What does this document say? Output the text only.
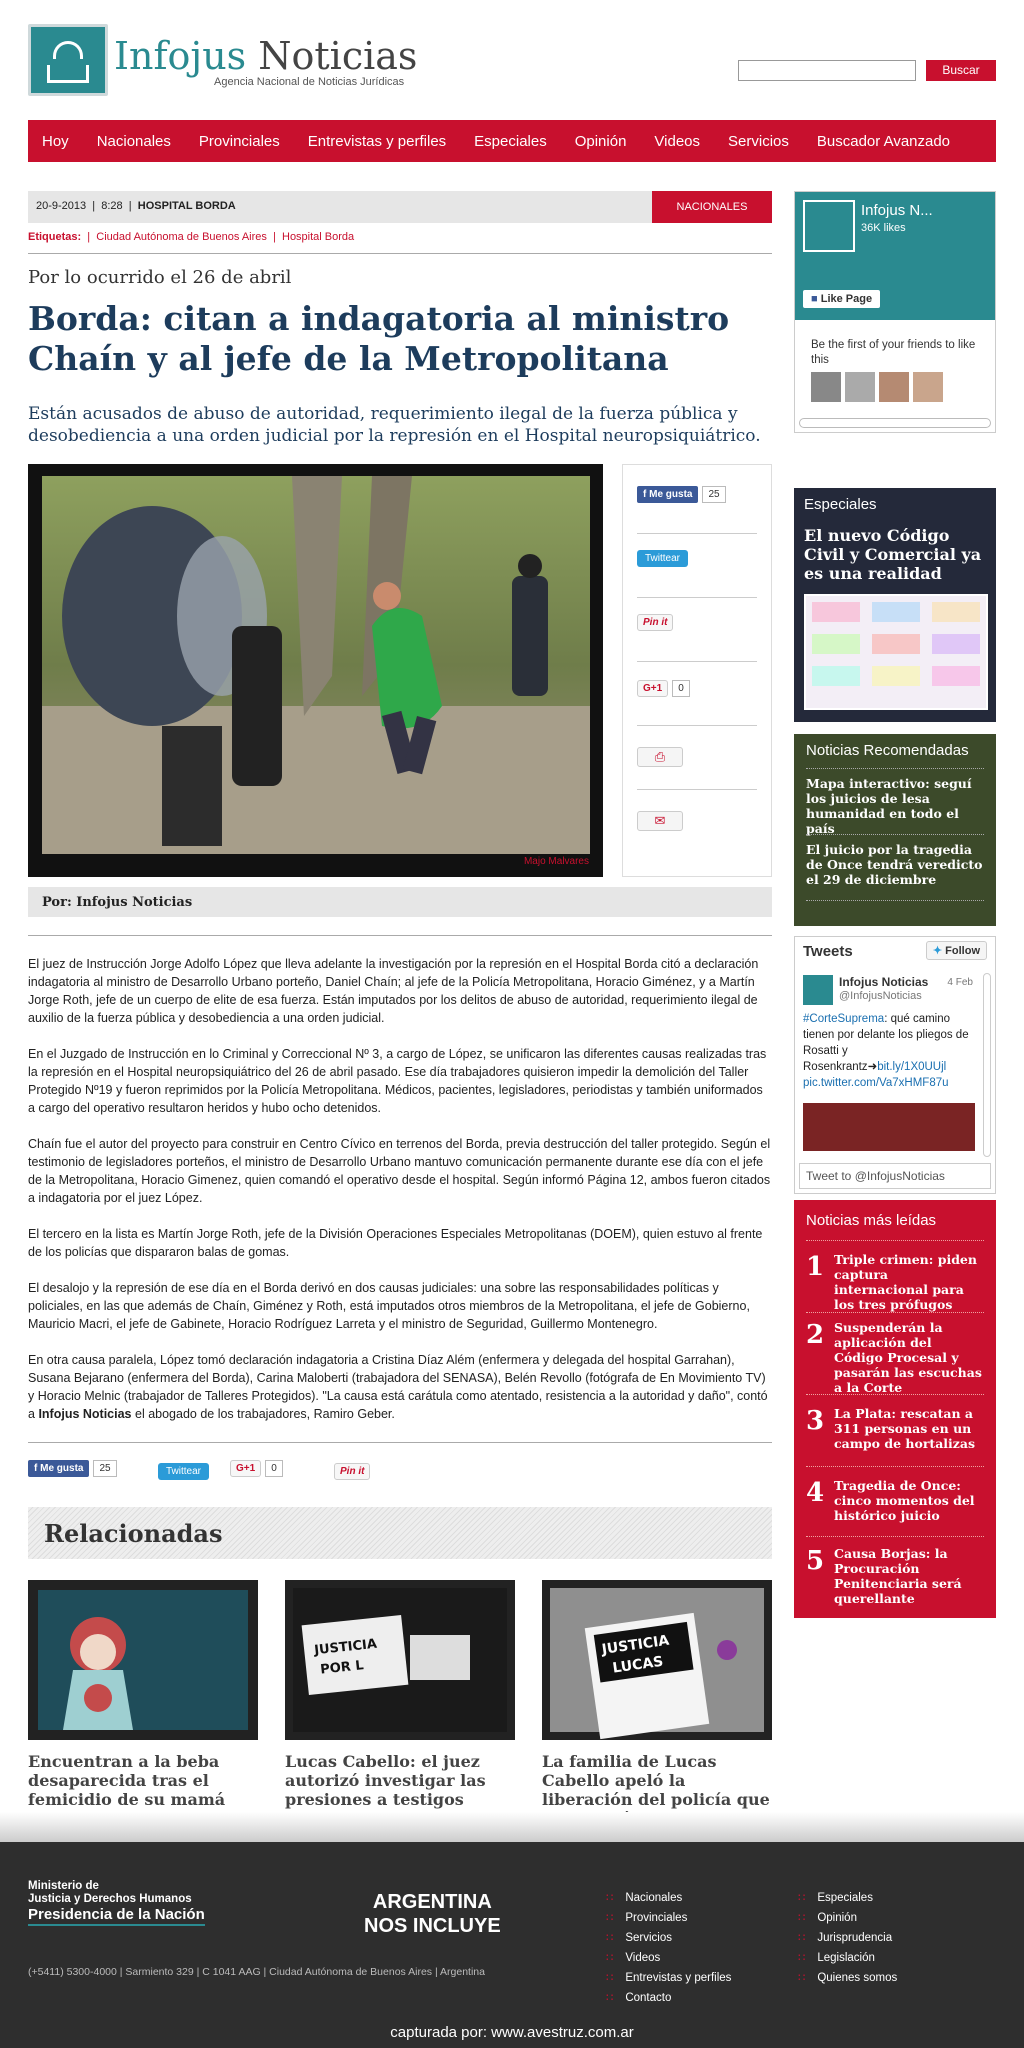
Infojus Noticias
Agencia Nacional de Noticias Jurídicas
Buscar
Hoy Nacionales Provinciales Entrevistas y perfiles Especiales Opinión Videos Servicios Buscador Avanzado
20-9-2013  |  8:28  |  HOSPITAL BORDA	NACIONALES
Etiquetas:  |  Ciudad Autónoma de Buenos Aires  |  Hospital Borda
Por lo ocurrido el 26 de abril
Borda: citan a indagatoria al ministro Chaín y al jefe de la Metropolitana
Están acusados de abuso de autoridad, requerimiento ilegal de la fuerza pública y desobediencia a una orden judicial por la represión en el Hospital neuropsiquiátrico.
Majo Malvares
f Me gusta 25
Twittear
Pin it
G+1 0
⎙
✉
Por: Infojus Noticias

El juez de Instrucción Jorge Adolfo López que lleva adelante la investigación por la represión en el Hospital Borda citó a declaración indagatoria al ministro de Desarrollo Urbano porteño, Daniel Chaín; al jefe de la Policía Metropolitana, Horacio Giménez, y a Martín Jorge Roth, jefe de un cuerpo de elite de esa fuerza. Están imputados por los delitos de abuso de autoridad, requerimiento ilegal de auxilio de la fuerza pública y desobediencia a una orden judicial.

En el Juzgado de Instrucción en lo Criminal y Correccional Nº 3, a cargo de López, se unificaron las diferentes causas realizadas tras la represión en el Hospital neuropsiquiátrico del 26 de abril pasado. Ese día trabajadores quisieron impedir la demolición del Taller Protegido Nº19 y fueron reprimidos por la Policía Metropolitana. Médicos, pacientes, legisladores, periodistas y también uniformados a cargo del operativo resultaron heridos y hubo ocho detenidos.

Chaín fue el autor del proyecto para construir en Centro Cívico en terrenos del Borda, previa destrucción del taller protegido. Según el testimonio de legisladores porteños, el ministro de Desarrollo Urbano mantuvo comunicación permanente durante ese día con el jefe de la Metropolitana, Horacio Gimenez, quien comandó el operativo desde el hospital. Según informó Página 12, ambos fueron citados a indagatoria por el juez López.

El tercero en la lista es Martín Jorge Roth, jefe de la División Operaciones Especiales Metropolitanas (DOEM), quien estuvo al frente de los policías que dispararon balas de gomas.

El desalojo y la represión de ese día en el Borda derivó en dos causas judiciales: una sobre las responsabilidades políticas y policiales, en las que además de Chaín, Giménez y Roth, está imputados otros miembros de la Metropolitana, el jefe de Gobierno, Mauricio Macri, el jefe de Gabinete, Horacio Rodríguez Larreta y el ministro de Seguridad, Guillermo Montenegro.

En otra causa paralela, López tomó declaración indagatoria a Cristina Díaz Além (enfermera y delegada del hospital Garrahan), Susana Bejarano (enfermera del Borda), Carina Maloberti (trabajadora del SENASA), Belén Revollo (fotógrafa de En Movimiento TV) y Horacio Melnic (trabajador de Talleres Protegidos). "La causa está carátula como atentado, resistencia a la autoridad y daño", contó a Infojus Noticias el abogado de los trabajadores, Ramiro Geber.

f Me gusta 25	Twittear	G+1 0	Pin it
Relacionadas
Encuentran a la beba desaparecida tras el femicidio de su mamá
JUSTICIA
POR L
Lucas Cabello: el juez autorizó investigar las presiones a testigos
JUSTICIA
LUCAS
La familia de Lucas Cabello apeló la liberación del policía que
Infojus N...
36K likes
■ Like Page
Be the first of your friends to like this
Especiales
El nuevo Código Civil y Comercial ya es una realidad
Noticias Recomendadas
Mapa interactivo: seguí los juicios de lesa humanidad en todo el país
El juicio por la tragedia de Once tendrá veredicto el 29 de diciembre
Tweets	✦ Follow
Infojus Noticias
@InfojusNoticias
4 Feb
#CorteSuprema: qué camino tienen por delante los pliegos de Rosatti y Rosenkrantz➜bit.ly/1X0UUjl pic.twitter.com/Va7xHMF87u
Tweet to @InfojusNoticias
Noticias más leídas
1 Triple crimen: piden captura internacional para los tres prófugos
2 Suspenderán la aplicación del Código Procesal y pasarán las escuchas a la Corte
3 La Plata: rescatan a 311 personas en un campo de hortalizas
4 Tragedia de Once: cinco momentos del histórico juicio
5 Causa Borjas: la Procuración Penitenciaria será querellante
Ministerio de
Justicia y Derechos Humanos
Presidencia de la Nación
ARGENTINA
NOS INCLUYE
(+5411) 5300-4000 | Sarmiento 329 | C 1041 AAG | Ciudad Autónoma de Buenos Aires | Argentina
∷ Nacionales
∷ Provinciales
∷ Servicios
∷ Videos
∷ Entrevistas y perfiles
∷ Contacto
∷ Especiales
∷ Opinión
∷ Jurisprudencia
∷ Legislación
∷ Quienes somos
capturada por: www.avestruz.com.ar
